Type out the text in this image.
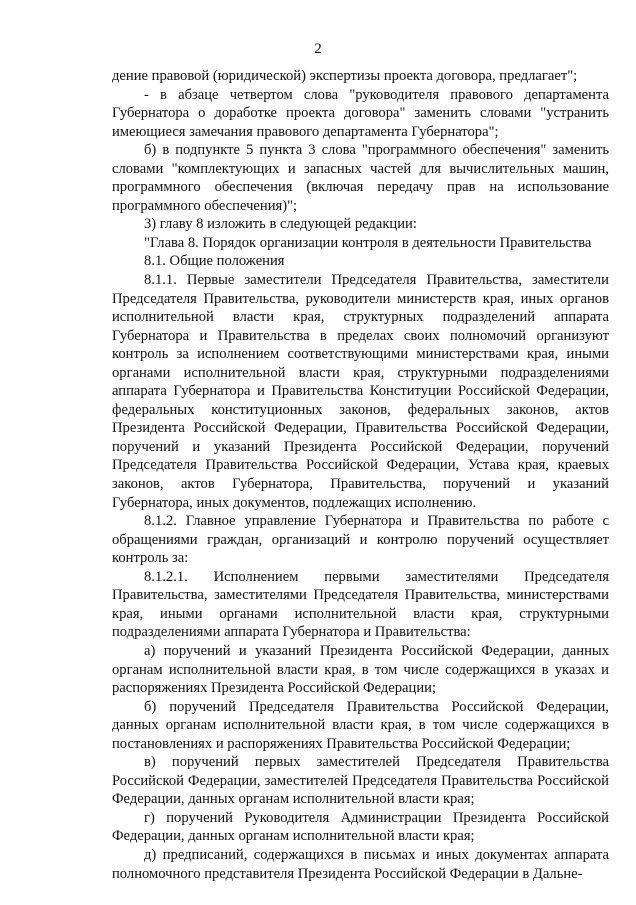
2

дение правовой (юридической) экспертизы проекта договора, предлагает";

- в абзаце четвертом слова "руководителя правового департамента Губернатора о доработке проекта договора" заменить словами "устранить имеющиеся замечания правового департамента Губернатора";

б) в подпункте 5 пункта 3 слова "программного обеспечения" заменить словами "комплектующих и запасных частей для вычислительных машин, программного обеспечения (включая передачу прав на использование программного обеспечения)";

3) главу 8 изложить в следующей редакции:

"Глава 8. Порядок организации контроля в деятельности Правительства

8.1. Общие положения

8.1.1. Первые заместители Председателя Правительства, заместители Председателя Правительства, руководители министерств края, иных органов исполнительной власти края, структурных подразделений аппарата Губернатора и Правительства в пределах своих полномочий организуют контроль за исполнением соответствующими министерствами края, иными органами исполнительной власти края, структурными подразделениями аппарата Губернатора и Правительства Конституции Российской Федерации, федеральных конституционных законов, федеральных законов, актов Президента Российской Федерации, Правительства Российской Федерации, поручений и указаний Президента Российской Федерации, поручений Председателя Правительства Российской Федерации, Устава края, краевых законов, актов Губернатора, Правительства, поручений и указаний Губернатора, иных документов, подлежащих исполнению.

8.1.2. Главное управление Губернатора и Правительства по работе с обращениями граждан, организаций и контролю поручений осуществляет контроль за:

8.1.2.1. Исполнением первыми заместителями Председателя Правительства, заместителями Председателя Правительства, министерствами края, иными органами исполнительной власти края, структурными подразделениями аппарата Губернатора и Правительства:

а) поручений и указаний Президента Российской Федерации, данных органам исполнительной власти края, в том числе содержащихся в указах и распоряжениях Президента Российской Федерации;

б) поручений Председателя Правительства Российской Федерации, данных органам исполнительной власти края, в том числе содержащихся в постановлениях и распоряжениях Правительства Российской Федерации;

в) поручений первых заместителей Председателя Правительства Российской Федерации, заместителей Председателя Правительства Российской Федерации, данных органам исполнительной власти края;

г) поручений Руководителя Администрации Президента Российской Федерации, данных органам исполнительной власти края;

д) предписаний, содержащихся в письмах и иных документах аппарата полномочного представителя Президента Российской Федерации в Дальне-
